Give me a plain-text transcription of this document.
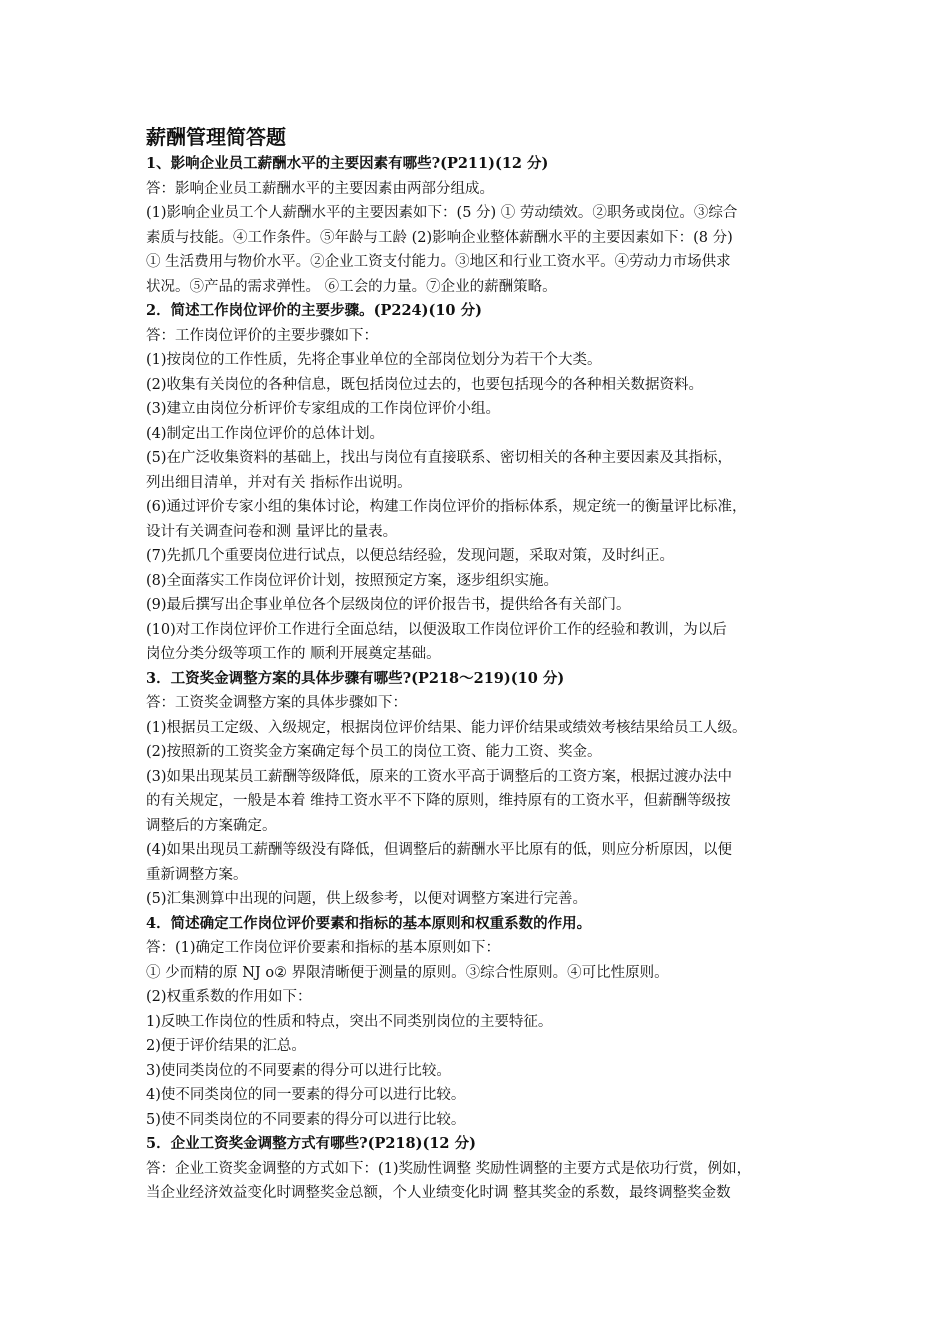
薪酬管理简答题

1、影响企业员工薪酬水平的主要因素有哪些?(P211)(12 分)

答：影响企业员工薪酬水平的主要因素由两部分组成。

(1)影响企业员工个人薪酬水平的主要因素如下：(5 分) ① 劳动绩效。②职务或岗位。③综合

素质与技能。④工作条件。⑤年龄与工龄 (2)影响企业整体薪酬水平的主要因素如下：(8 分)

① 生活费用与物价水平。②企业工资支付能力。③地区和行业工资水平。④劳动力市场供求

状况。⑤产品的需求弹性。 ⑥工会的力量。⑦企业的薪酬策略。

2．简述工作岗位评价的主要步骤。(P224)(10 分)

答：工作岗位评价的主要步骤如下：

(1)按岗位的工作性质，先将企事业单位的全部岗位划分为若干个大类。

(2)收集有关岗位的各种信息，既包括岗位过去的，也要包括现今的各种相关数据资料。

(3)建立由岗位分析评价专家组成的工作岗位评价小组。

(4)制定出工作岗位评价的总体计划。

(5)在广泛收集资料的基础上，找出与岗位有直接联系、密切相关的各种主要因素及其指标，

列出细目清单，并对有关 指标作出说明。

(6)通过评价专家小组的集体讨论，构建工作岗位评价的指标体系，规定统一的衡量评比标准，

设计有关调查问卷和测 量评比的量表。

(7)先抓几个重要岗位进行试点，以便总结经验，发现问题，采取对策，及时纠正。

(8)全面落实工作岗位评价计划，按照预定方案，逐步组织实施。

(9)最后撰写出企事业单位各个层级岗位的评价报告书，提供给各有关部门。

(10)对工作岗位评价工作进行全面总结，以便汲取工作岗位评价工作的经验和教训，为以后

岗位分类分级等项工作的 顺利开展奠定基础。

3．工资奖金调整方案的具体步骤有哪些?(P218～219)(10 分)

答：工资奖金调整方案的具体步骤如下：

(1)根据员工定级、入级规定，根据岗位评价结果、能力评价结果或绩效考核结果给员工人级。

(2)按照新的工资奖金方案确定每个员工的岗位工资、能力工资、奖金。

(3)如果出现某员工薪酬等级降低，原来的工资水平高于调整后的工资方案，根据过渡办法中

的有关规定，一般是本着 维持工资水平不下降的原则，维持原有的工资水平，但薪酬等级按

调整后的方案确定。

(4)如果出现员工薪酬等级没有降低，但调整后的薪酬水平比原有的低，则应分析原因，以便

重新调整方案。

(5)汇集测算中出现的问题，供上级参考，以便对调整方案进行完善。

4．简述确定工作岗位评价要素和指标的基本原则和权重系数的作用。

答：(1)确定工作岗位评价要素和指标的基本原则如下：

① 少而精的原 NJ o② 界限清晰便于测量的原则。③综合性原则。④可比性原则。

(2)权重系数的作用如下：

1)反映工作岗位的性质和特点，突出不同类别岗位的主要特征。

2)便于评价结果的汇总。

3)使同类岗位的不同要素的得分可以进行比较。

4)使不同类岗位的同一要素的得分可以进行比较。

5)使不同类岗位的不同要素的得分可以进行比较。

5．企业工资奖金调整方式有哪些?(P218)(12 分)

答：企业工资奖金调整的方式如下：(1)奖励性调整 奖励性调整的主要方式是依功行赏，例如，

当企业经济效益变化时调整奖金总额，个人业绩变化时调 整其奖金的系数，最终调整奖金数
